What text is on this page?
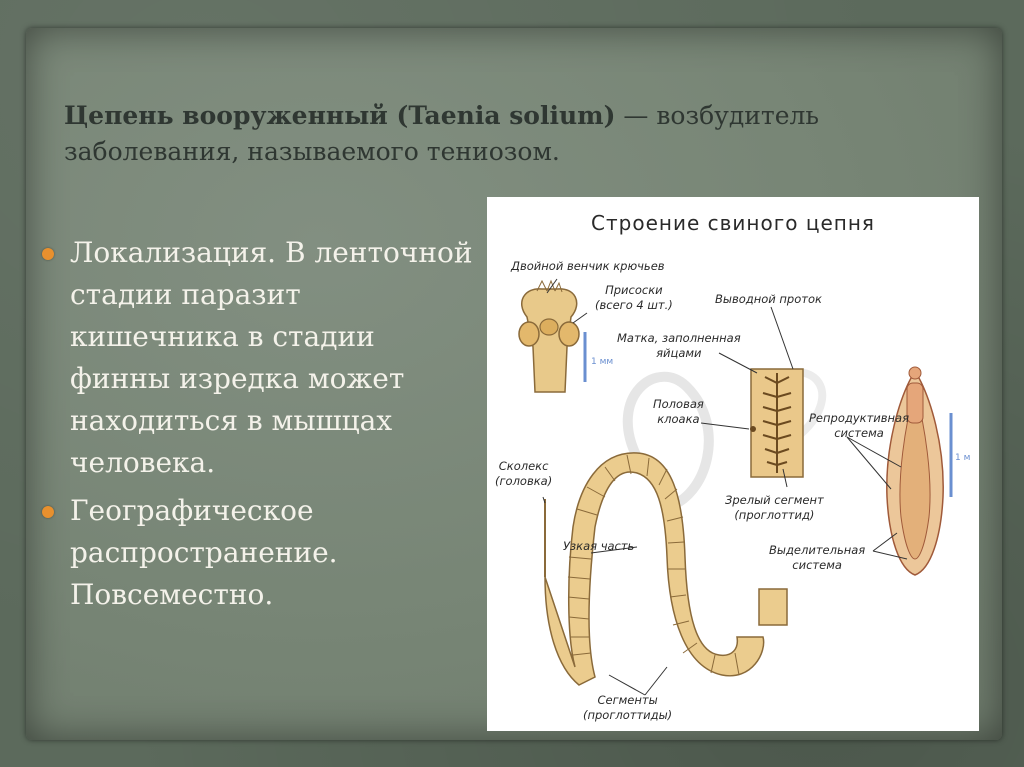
Цепень вооруженный (Taenia solium) — возбудитель заболевания, называемого тениозом.
Локализация. В ленточной стадии паразит кишечника в стадии финны изредка может находиться в мышцах человека.
Географическое распространение. Повсеместно.
Строение свиного цепня
Двойной венчик крючьев
Присоски
(всего 4 шт.)	Выводной проток
Матка, заполненная
яйцами
Половая
клоака	Репродуктивная
система
Сколекс
(головка)
Зрелый сегмент
(проглоттид)
Узкая часть	Выделительная
система
Сегменты
(проглоттиды)
1 мм
1 м
